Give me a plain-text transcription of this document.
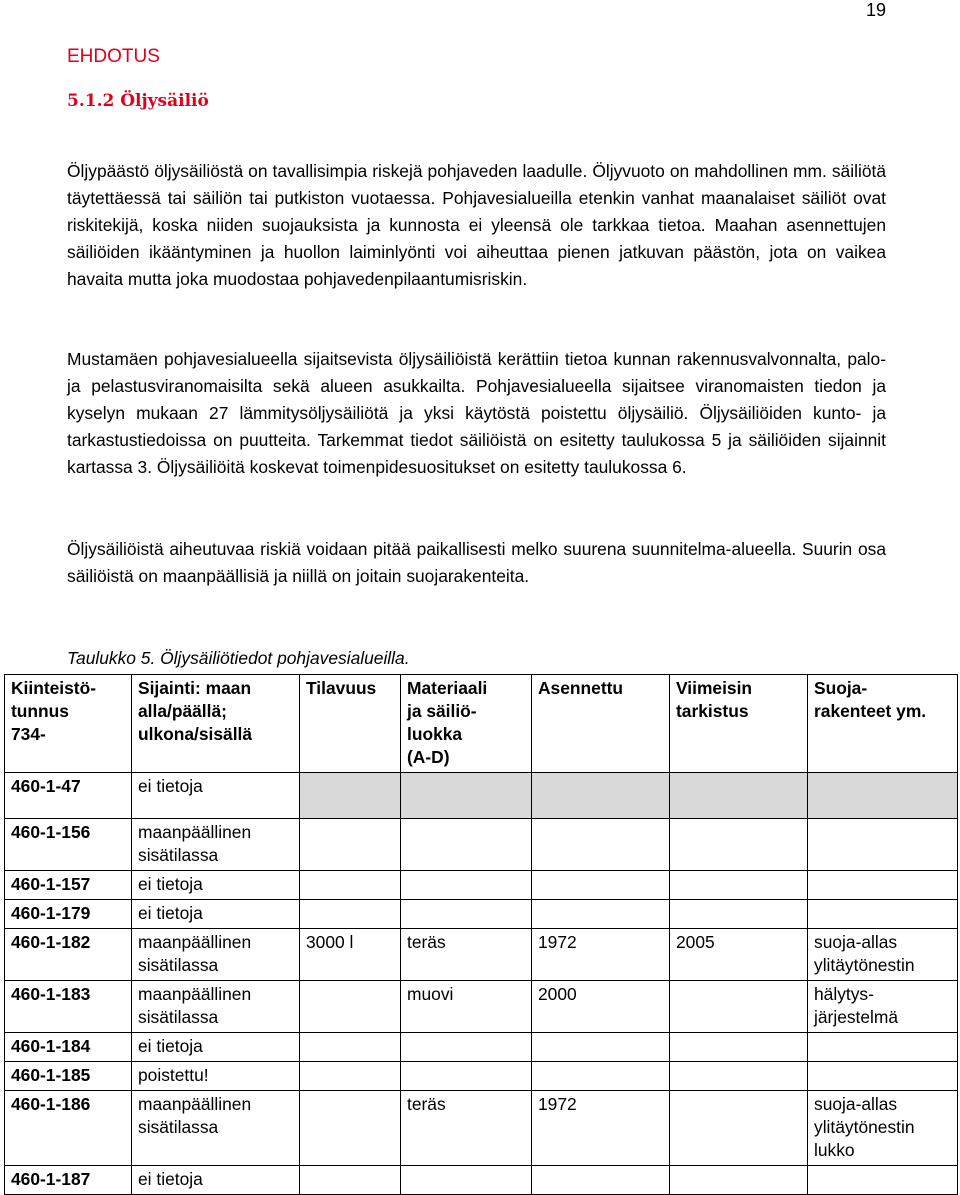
19
EHDOTUS
5.1.2 Öljysäiliö

Öljypäästö öljysäiliöstä on tavallisimpia riskejä pohjaveden laadulle. Öljyvuoto on mahdollinen mm. säiliötä täytettäessä tai säiliön tai putkiston vuotaessa. Pohjavesialueilla etenkin vanhat maanalaiset säiliöt ovat riskitekijä, koska niiden suojauksista ja kunnosta ei yleensä ole tarkkaa tietoa. Maahan asennettujen säiliöiden ikääntyminen ja huollon laiminlyönti voi aiheuttaa pienen jatkuvan päästön, jota on vaikea havaita mutta joka muodostaa pohjavedenpilaantumisriskin.

Mustamäen pohjavesialueella sijaitsevista öljysäiliöistä kerättiin tietoa kunnan rakennusvalvonnalta, palo- ja pelastusviranomaisilta sekä alueen asukkailta. Pohjavesialueella sijaitsee viranomaisten tiedon ja kyselyn mukaan 27 lämmitysöljysäiliötä ja yksi käytöstä poistettu öljysäiliö. Öljysäiliöiden kunto- ja tarkastustiedoissa on puutteita. Tarkemmat tiedot säiliöistä on esitetty taulukossa 5 ja säiliöiden sijainnit kartassa 3. Öljysäiliöitä koskevat toimenpidesuositukset on esitetty taulukossa 6.

Öljysäiliöistä aiheutuvaa riskiä voidaan pitää paikallisesti melko suurena suunnitelma-alueella. Suurin osa säiliöistä on maanpäällisiä ja niillä on joitain suojarakenteita.

Taulukko 5. Öljysäiliötiedot pohjavesialueilla.
Kiinteistö-
tunnus
734-	Sijainti: maan
alla/päällä;
ulkona/sisällä	Tilavuus	Materiaali
ja säiliö-
luokka
(A-D)	Asennettu	Viimeisin
tarkistus	Suoja-
rakenteet ym.
460-1-47	ei tietoja					
460-1-156	maanpäällinen
sisätilassa					
460-1-157	ei tietoja					
460-1-179	ei tietoja					
460-1-182	maanpäällinen
sisätilassa	3000 l	teräs	1972	2005	suoja-allas
ylitäytönestin
460-1-183	maanpäällinen
sisätilassa		muovi	2000		hälytys-
järjestelmä
460-1-184	ei tietoja					
460-1-185	poistettu!					
460-1-186	maanpäällinen
sisätilassa		teräs	1972		suoja-allas
ylitäytönestin
lukko
460-1-187	ei tietoja					
